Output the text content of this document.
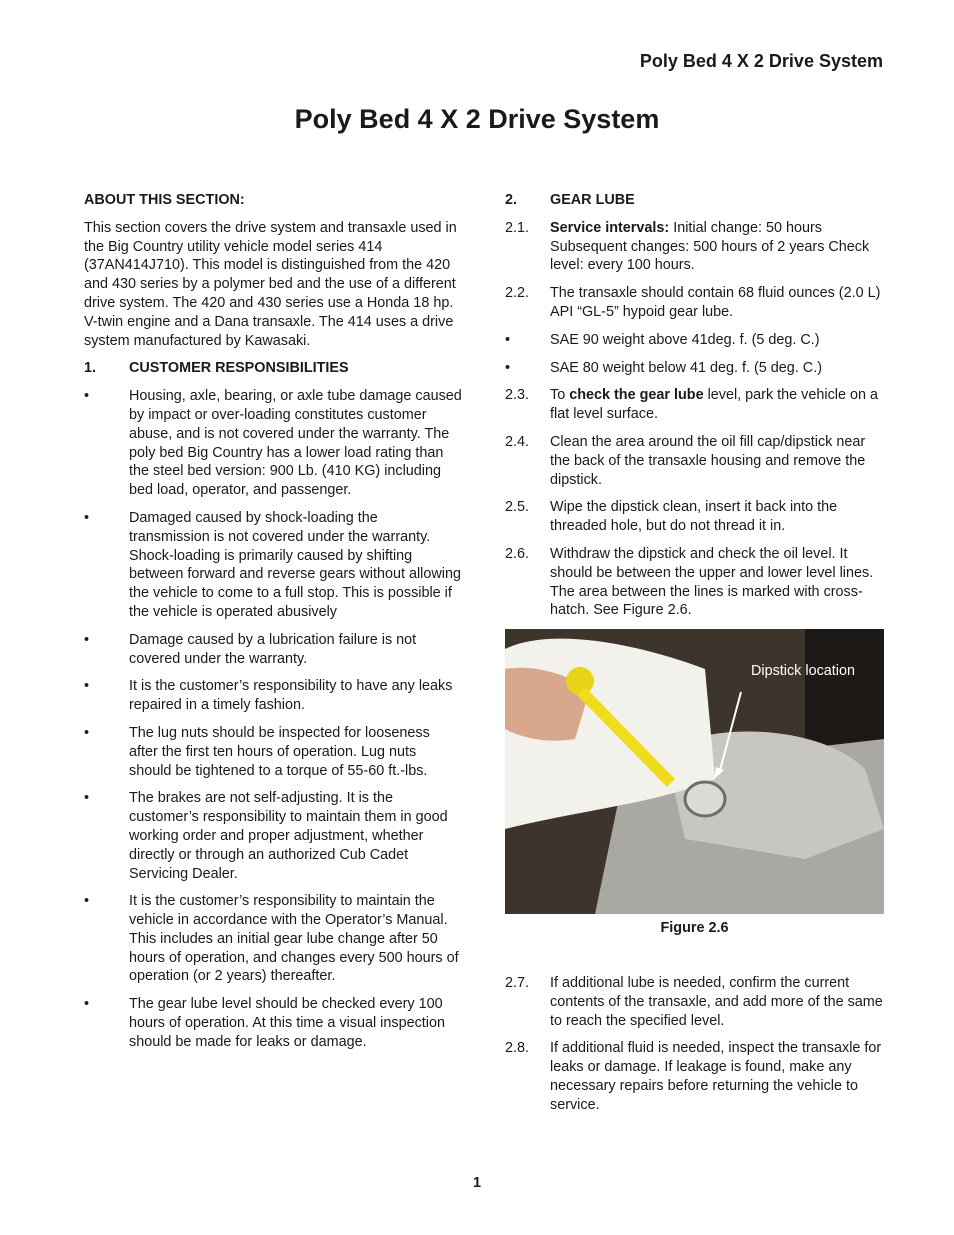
Poly Bed 4 X 2 Drive System
Poly Bed 4 X 2 Drive System
ABOUT THIS SECTION:
This section covers the drive system and transaxle used in the Big Country utility vehicle model series 414 (37AN414J710). This model is distinguished from the 420 and 430 series by a polymer bed and the use of a different drive system. The 420 and 430 series use a Honda 18 hp. V-twin engine and a Dana transaxle. The 414 uses a drive system manufactured by Kawasaki.
1.	CUSTOMER RESPONSIBILITIES
•	Housing, axle, bearing, or axle tube damage caused by impact or over-loading constitutes customer abuse, and is not covered under the warranty. The poly bed Big Country has a lower load rating than the steel bed version: 900 Lb. (410 KG) including bed load, operator, and passenger.
•	Damaged caused by shock-loading the transmission is not covered under the warranty. Shock-loading is primarily caused by shifting between forward and reverse gears without allowing the vehicle to come to a full stop. This is possible if the vehicle is operated abusively
•	Damage caused by a lubrication failure is not covered under the warranty.
•	It is the customer’s responsibility to have any leaks repaired in a timely fashion.
•	The lug nuts should be inspected for looseness after the first ten hours of operation. Lug nuts should be tightened to a torque of 55-60 ft.-lbs.
•	The brakes are not self-adjusting. It is the customer’s responsibility to maintain them in good working order and proper adjustment, whether directly or through an authorized Cub Cadet Servicing Dealer.
•	It is the customer’s responsibility to maintain the vehicle in accordance with the Operator’s Manual. This includes an initial gear lube change after 50 hours of operation, and changes every 500 hours of operation (or 2 years) thereafter.
•	The gear lube level should be checked every 100 hours of operation. At this time a visual inspection should be made for leaks or damage.
2.	GEAR LUBE
2.1.	Service intervals: Initial change: 50 hours Subsequent changes: 500 hours of 2 years Check level: every 100 hours.
2.2.	The transaxle should contain 68 fluid ounces (2.0 L) API “GL-5” hypoid gear lube.
•	SAE 90 weight above 41deg. f. (5 deg. C.)
•	SAE 80 weight below 41 deg. f. (5 deg. C.)
2.3.	To check the gear lube level, park the vehicle on a flat level surface.
2.4.	Clean the area around the oil fill cap/dipstick near the back of the transaxle housing and remove the dipstick.
2.5.	Wipe the dipstick clean, insert it back into the threaded hole, but do not thread it in.
2.6.	Withdraw the dipstick and check the oil level. It should be between the upper and lower level lines. The area between the lines is marked with cross-hatch. See Figure 2.6.
Dipstick location
Figure 2.6
2.7.	If additional lube is needed, confirm the current contents of the transaxle, and add more of the same to reach the specified level.
2.8.	If additional fluid is needed, inspect the transaxle for leaks or damage. If leakage is found, make any necessary repairs before returning the vehicle to service.
1
